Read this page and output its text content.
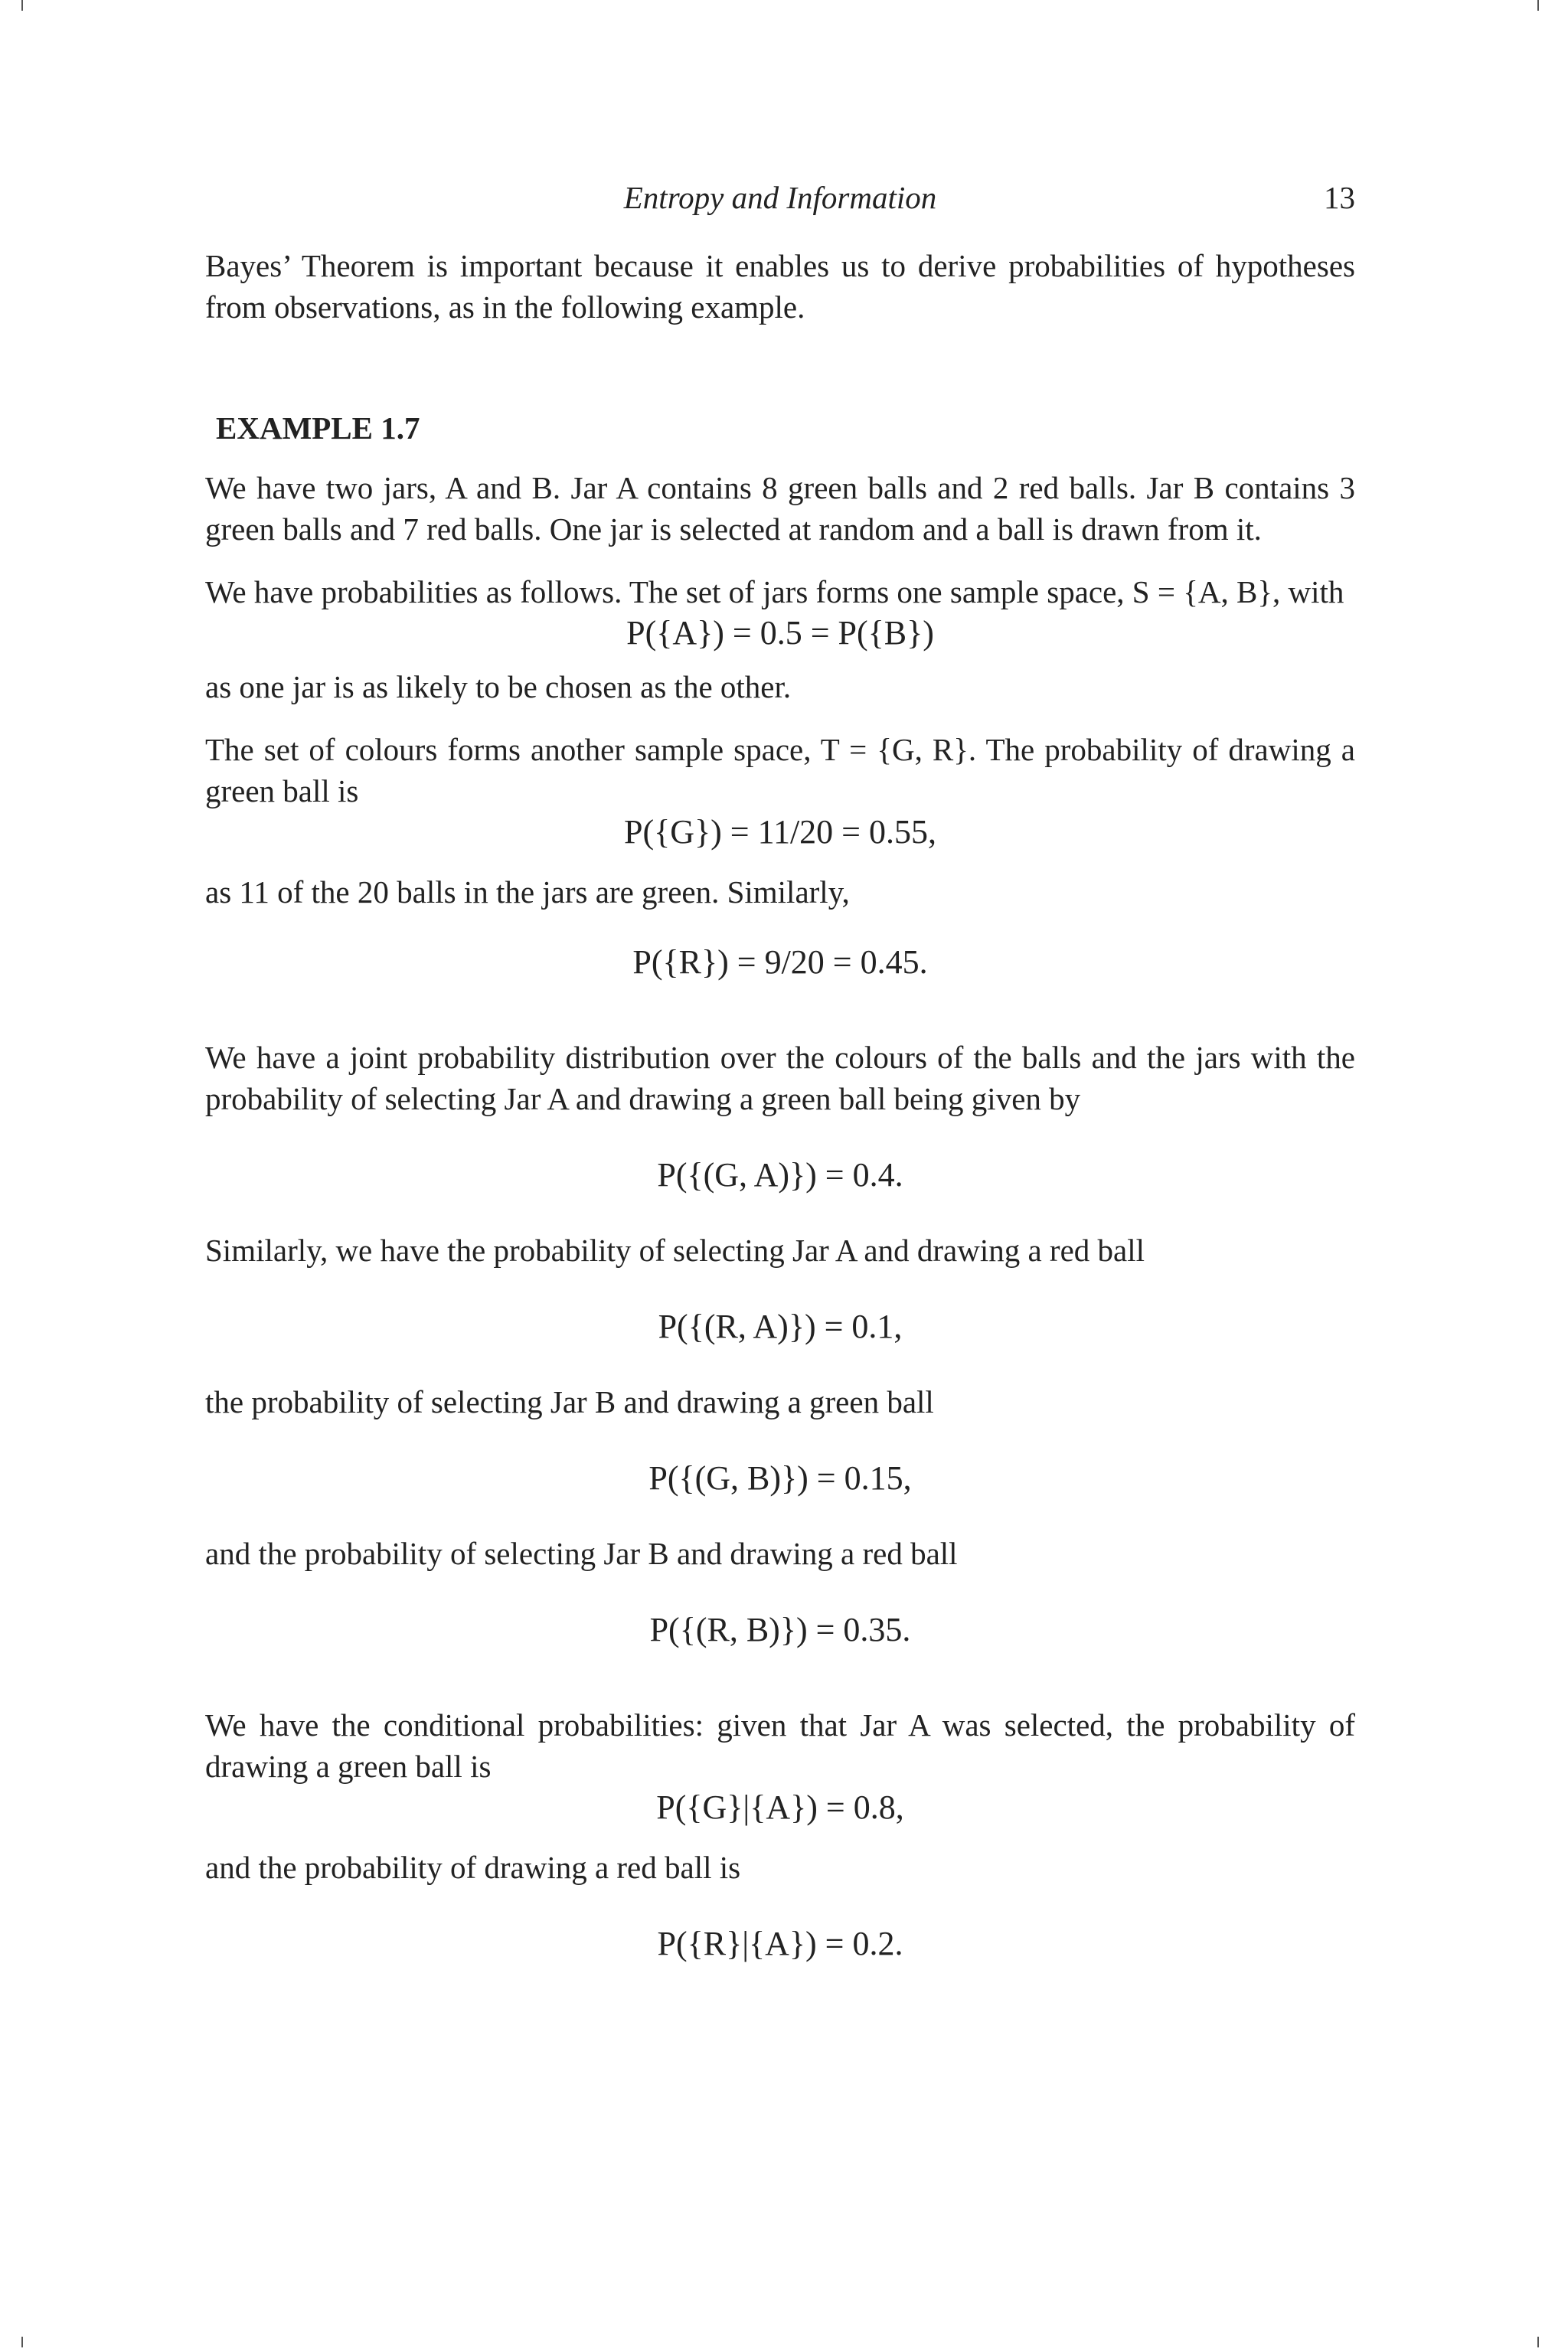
Entropy and Information	13

Bayes’ Theorem is important because it enables us to derive probabilities of hypotheses from observations, as in the following example.

EXAMPLE 1.7

We have two jars, A and B. Jar A contains 8 green balls and 2 red balls. Jar B contains 3 green balls and 7 red balls. One jar is selected at random and a ball is drawn from it.

We have probabilities as follows. The set of jars forms one sample space, S = {A, B}, with

P({A}) = 0.5 = P({B})

as one jar is as likely to be chosen as the other.

The set of colours forms another sample space, T = {G, R}. The probability of drawing a green ball is

P({G}) = 11/20 = 0.55,

as 11 of the 20 balls in the jars are green. Similarly,

P({R}) = 9/20 = 0.45.

We have a joint probability distribution over the colours of the balls and the jars with the probability of selecting Jar A and drawing a green ball being given by

P({(G, A)}) = 0.4.

Similarly, we have the probability of selecting Jar A and drawing a red ball

P({(R, A)}) = 0.1,

the probability of selecting Jar B and drawing a green ball

P({(G, B)}) = 0.15,

and the probability of selecting Jar B and drawing a red ball

P({(R, B)}) = 0.35.

We have the conditional probabilities: given that Jar A was selected, the probability of drawing a green ball is

P({G}|{A}) = 0.8,

and the probability of drawing a red ball is

P({R}|{A}) = 0.2.
